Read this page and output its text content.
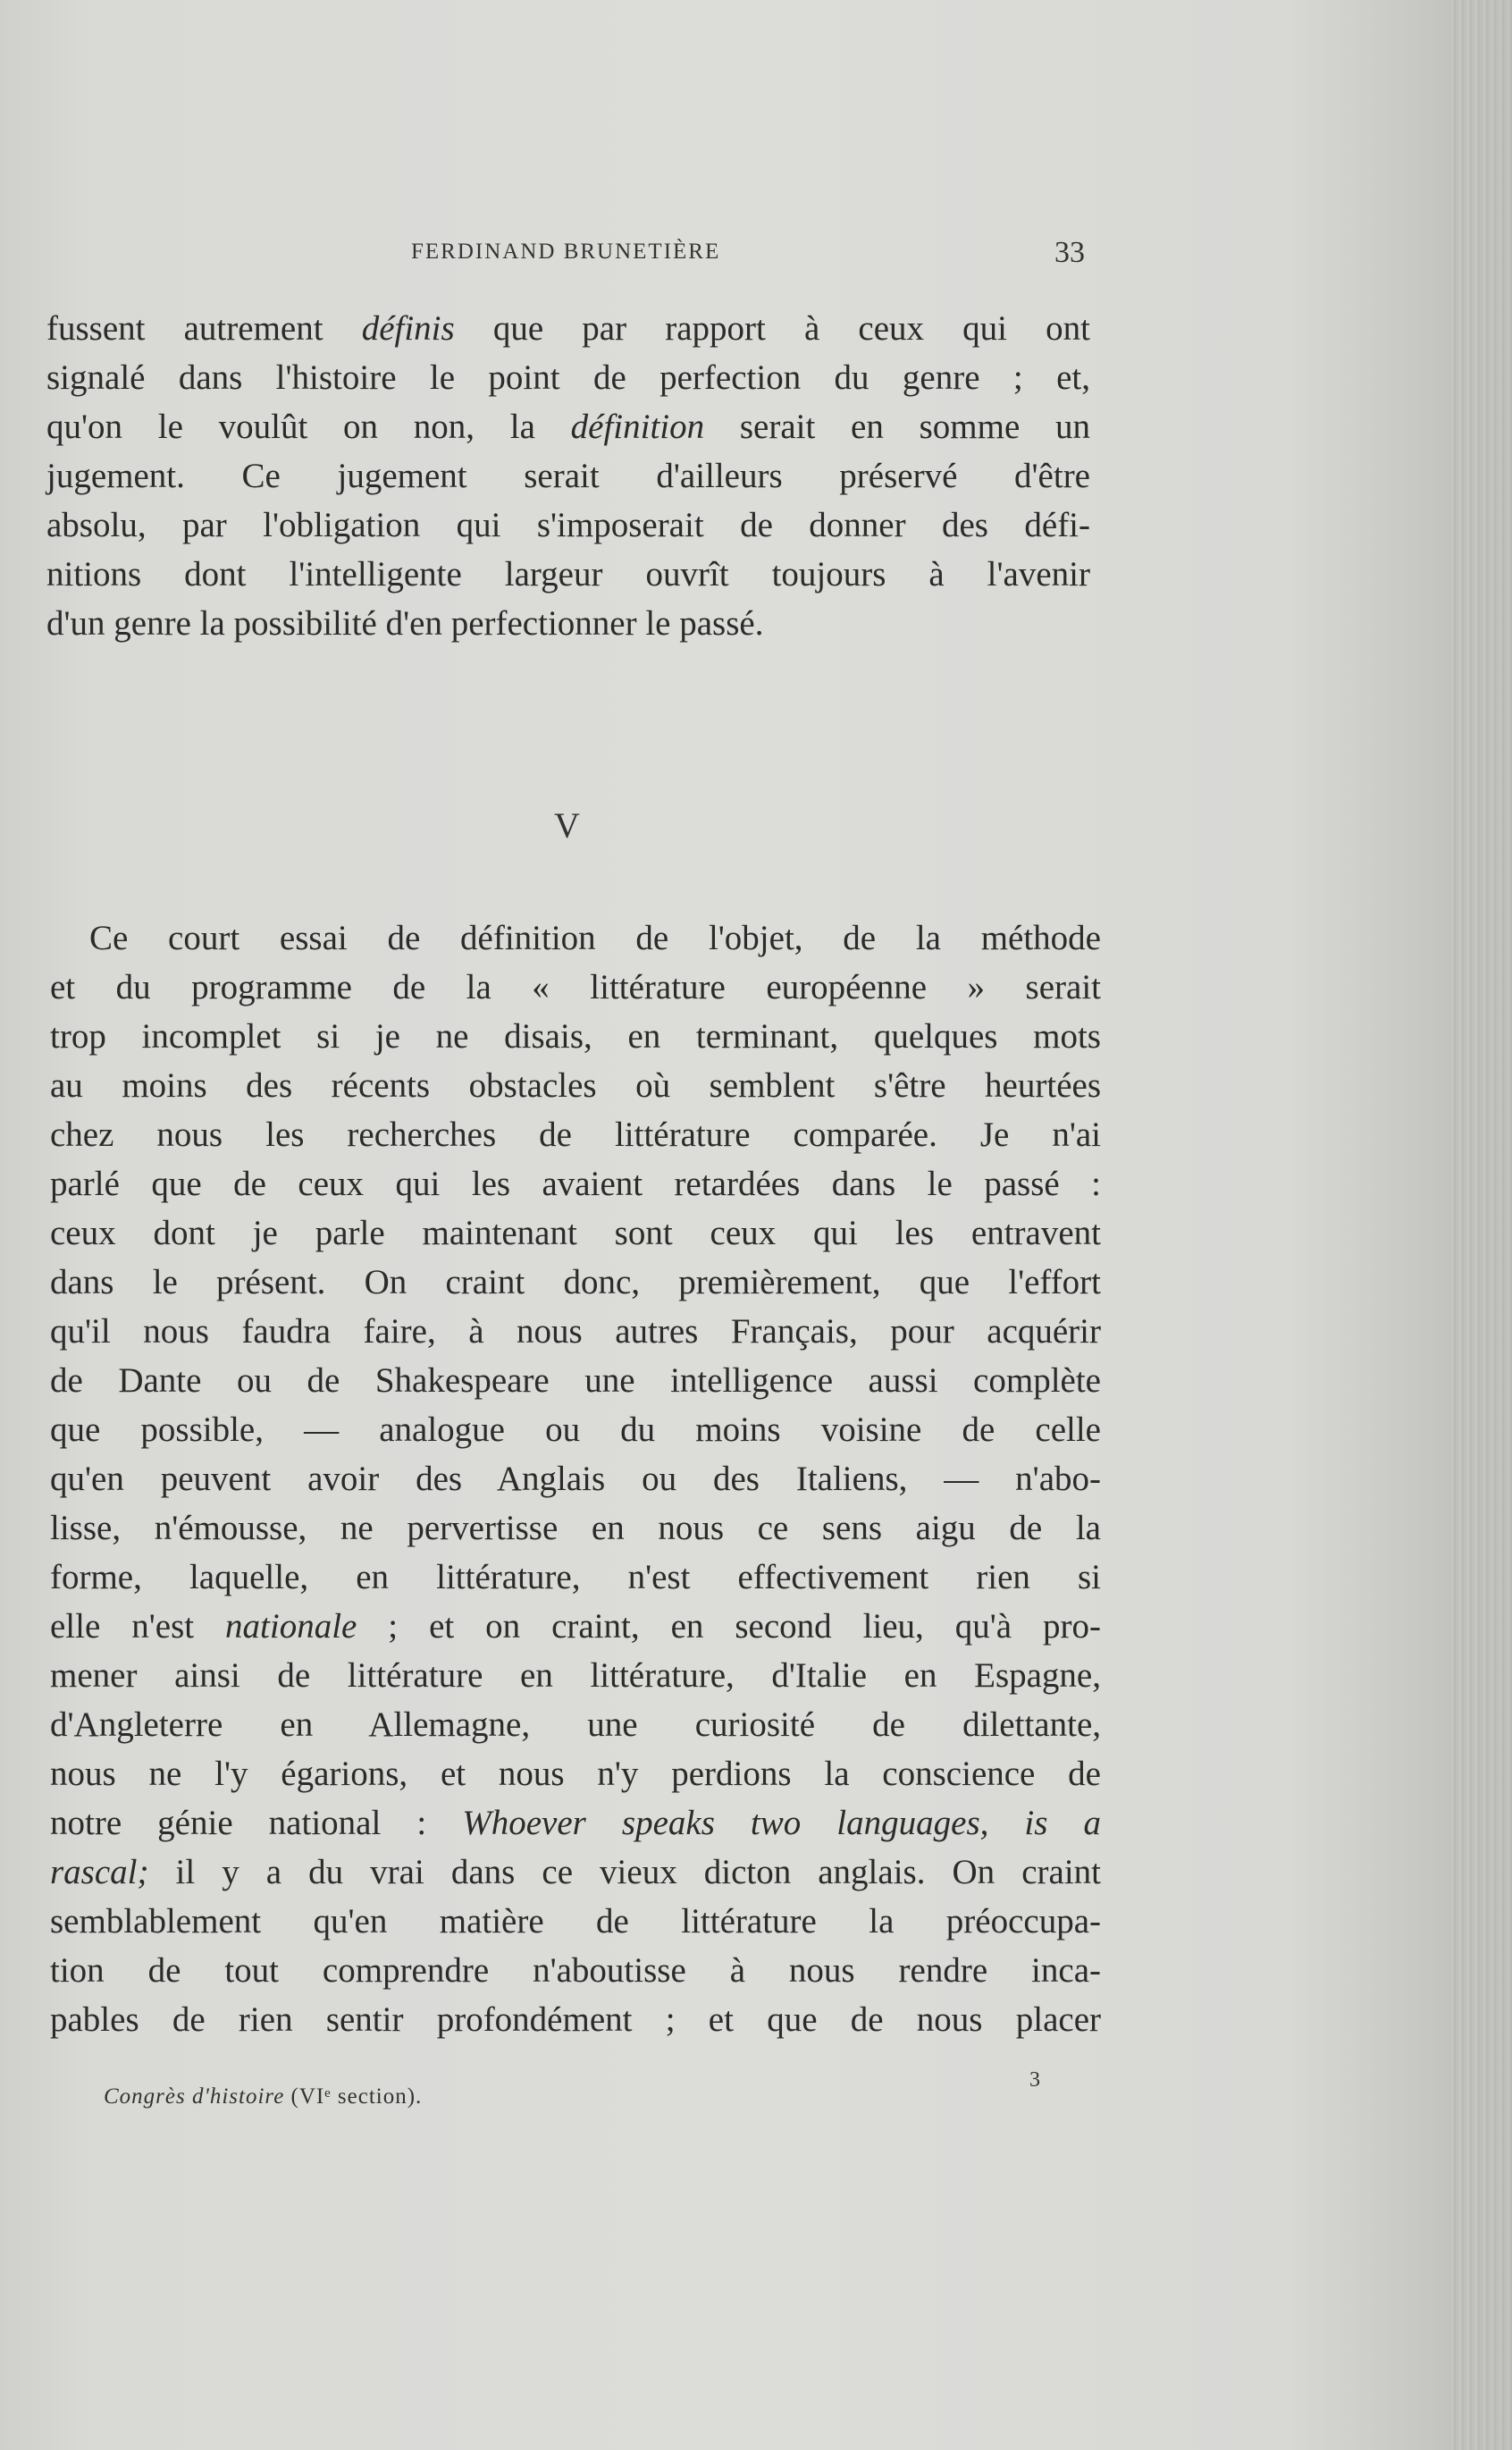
FERDINAND BRUNETIÈRE	33
fussent autrement définis que par rapport à ceux qui ont
signalé dans l'histoire le point de perfection du genre ; et,
qu'on le voulût on non, la définition serait en somme un
jugement. Ce jugement serait d'ailleurs préservé d'être
absolu, par l'obligation qui s'imposerait de donner des défi-
nitions dont l'intelligente largeur ouvrît toujours à l'avenir
d'un genre la possibilité d'en perfectionner le passé.
V
Ce court essai de définition de l'objet, de la méthode
et du programme de la « littérature européenne » serait
trop incomplet si je ne disais, en terminant, quelques mots
au moins des récents obstacles où semblent s'être heurtées
chez nous les recherches de littérature comparée. Je n'ai
parlé que de ceux qui les avaient retardées dans le passé :
ceux dont je parle maintenant sont ceux qui les entravent
dans le présent. On craint donc, premièrement, que l'effort
qu'il nous faudra faire, à nous autres Français, pour acquérir
de Dante ou de Shakespeare une intelligence aussi complète
que possible, — analogue ou du moins voisine de celle
qu'en peuvent avoir des Anglais ou des Italiens, — n'abo-
lisse, n'émousse, ne pervertisse en nous ce sens aigu de la
forme, laquelle, en littérature, n'est effectivement rien si
elle n'est nationale ; et on craint, en second lieu, qu'à pro-
mener ainsi de littérature en littérature, d'Italie en Espagne,
d'Angleterre en Allemagne, une curiosité de dilettante,
nous ne l'y égarions, et nous n'y perdions la conscience de
notre génie national : Whoever speaks two languages, is a
rascal; il y a du vrai dans ce vieux dicton anglais. On craint
semblablement qu'en matière de littérature la préoccupa-
tion de tout comprendre n'aboutisse à nous rendre inca-
pables de rien sentir profondément ; et que de nous placer
Congrès d'histoire (VIᵉ section).
3
